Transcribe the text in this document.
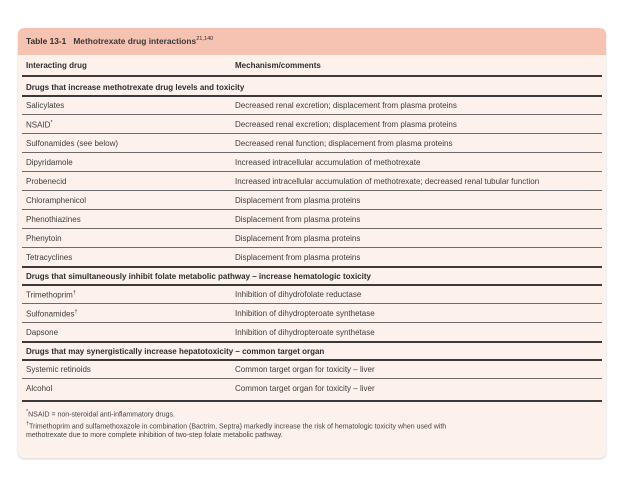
Table 13-1 Methotrexate drug interactions$^{21,140}$
Interacting drug	Mechanism/comments
Drugs that increase methotrexate drug levels and toxicity
Salicylates	Decreased renal excretion; displacement from plasma proteins
NSAID*	Decreased renal excretion; displacement from plasma proteins
Sulfonamides (see below)	Decreased renal function; displacement from plasma proteins
Dipyridamole	Increased intracellular accumulation of methotrexate
Probenecid	Increased intracellular accumulation of methotrexate; decreased renal tubular function
Chloramphenicol	Displacement from plasma proteins
Phenothiazines	Displacement from plasma proteins
Phenytoin	Displacement from plasma proteins
Tetracyclines	Displacement from plasma proteins
Drugs that simultaneously inhibit folate metabolic pathway – increase hematologic toxicity
Trimethoprim†	Inhibition of dihydrofolate reductase
Sulfonamides†	Inhibition of dihydropteroate synthetase
Dapsone	Inhibition of dihydropteroate synthetase
Drugs that may synergistically increase hepatotoxicity – common target organ
Systemic retinoids	Common target organ for toxicity – liver
Alcohol	Common target organ for toxicity – liver
*NSAID = non-steroidal anti-inflammatory drugs.
†Trimethoprim and sulfamethoxazole in combination (Bactrim, Septra) markedly increase the risk of hematologic toxicity when used with
methotrexate due to more complete inhibition of two-step folate metabolic pathway.
